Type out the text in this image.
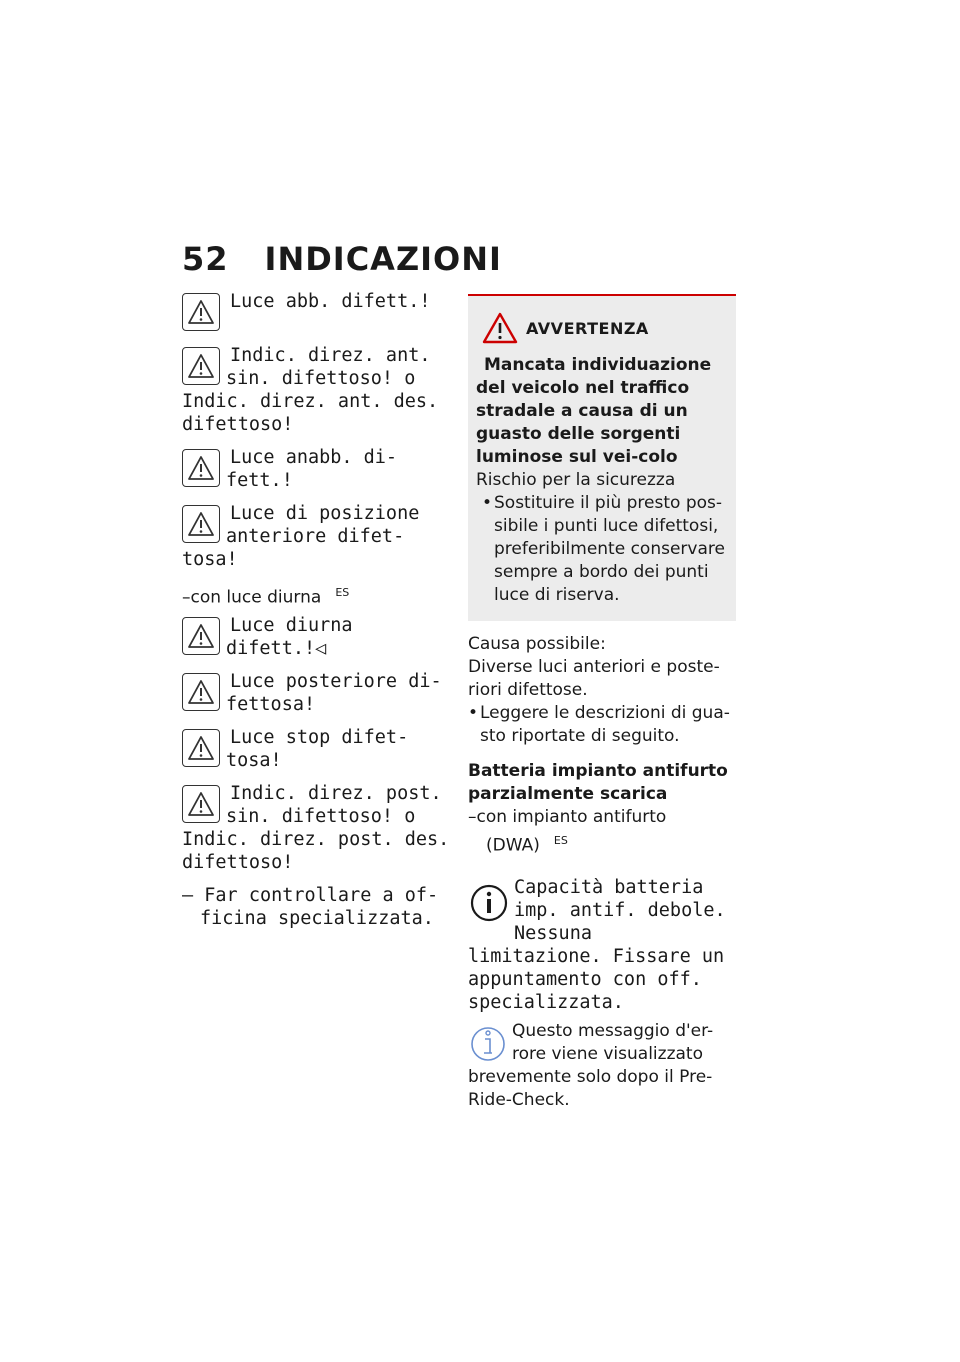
52 INDICAZIONI
Luce abb. difett.!
Indic. direz. ant. sin. difettoso! o Indic. direz. ant. des. difettoso!
Luce anabb. di-fett.!
Luce di posizione anteriore difet-tosa!
–con luce diurna $^{ES}$
Luce diurna difett.!◁
Luce posteriore di-fettosa!
Luce stop difet-tosa!
Indic. direz. post. sin. difettoso! o Indic. direz. post. des. difettoso!
– Far controllare a of-ficina specializzata.
AVVERTENZA
Mancata individuazione del veicolo nel traffico stradale a causa di un guasto delle sorgenti luminose sul vei-colo
Rischio per la sicurezza
• Sostituire il più presto pos-sibile i punti luce difettosi, preferibilmente conservare sempre a bordo dei punti luce di riserva.
Causa possibile:
Diverse luci anteriori e poste-riori difettose.
• Leggere le descrizioni di gua-sto riportate di seguito.
Batteria impianto antifurto parzialmente scarica
–con impianto antifurto (DWA) $^{ES}$
Capacità batteria imp. antif. debole. Nessuna limitazione. Fissare un appuntamento con off. specializzata.
Questo messaggio d'er-rore viene visualizzato brevemente solo dopo il Pre-Ride-Check.
